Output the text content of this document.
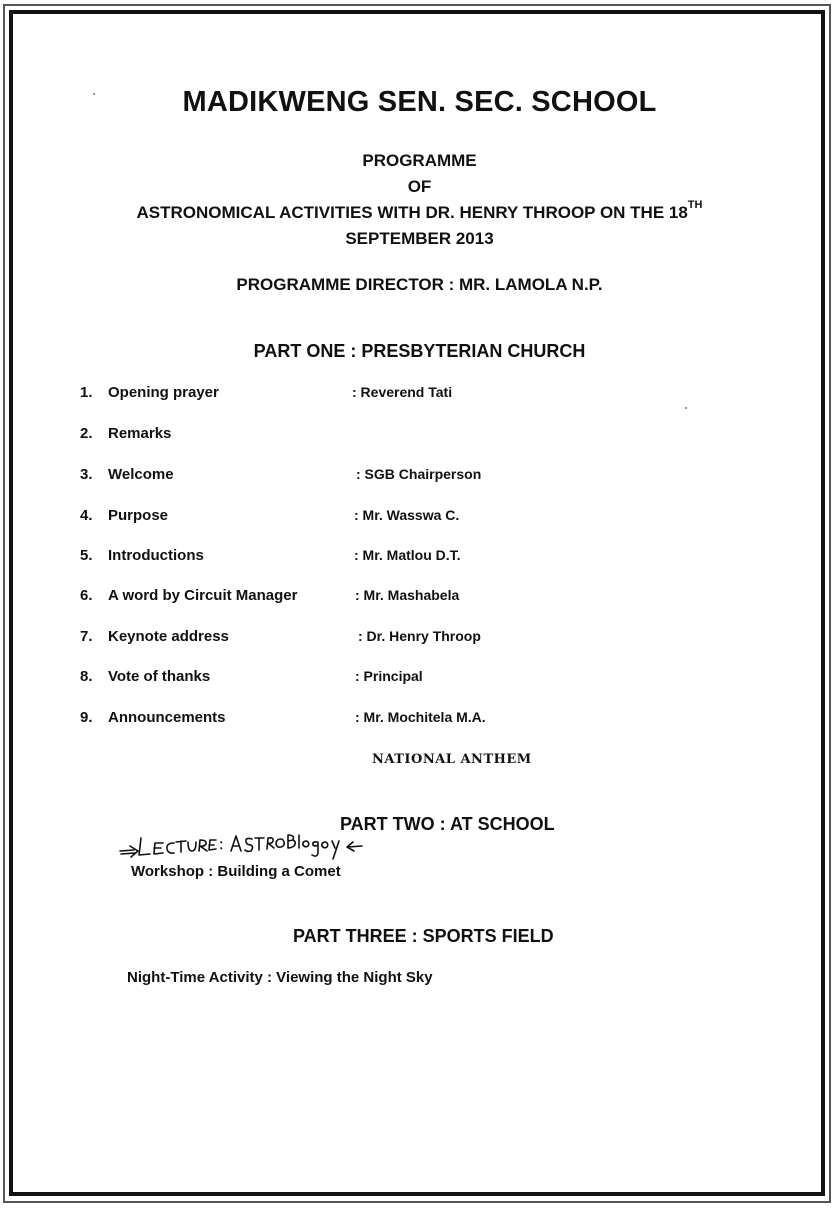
MADIKWENG SEN. SEC. SCHOOL
PROGRAMME
OF
ASTRONOMICAL ACTIVITIES WITH DR. HENRY THROOP ON THE 18TH
SEPTEMBER 2013
PROGRAMME DIRECTOR : MR. LAMOLA N.P.
PART ONE : PRESBYTERIAN CHURCH
1. Opening prayer	: Reverend Tati
2. Remarks
3. Welcome	: SGB Chairperson
4. Purpose	: Mr. Wasswa C.
5. Introductions	: Mr. Matlou D.T.
6. A word by Circuit Manager	: Mr. Mashabela
7. Keynote address	: Dr. Henry Throop
8. Vote of thanks	: Principal
9. Announcements	: Mr. Mochitela M.A.
NATIONAL ANTHEM
PART TWO : AT SCHOOL
Workshop : Building a Comet
PART THREE : SPORTS FIELD
Night-Time Activity : Viewing the Night Sky
